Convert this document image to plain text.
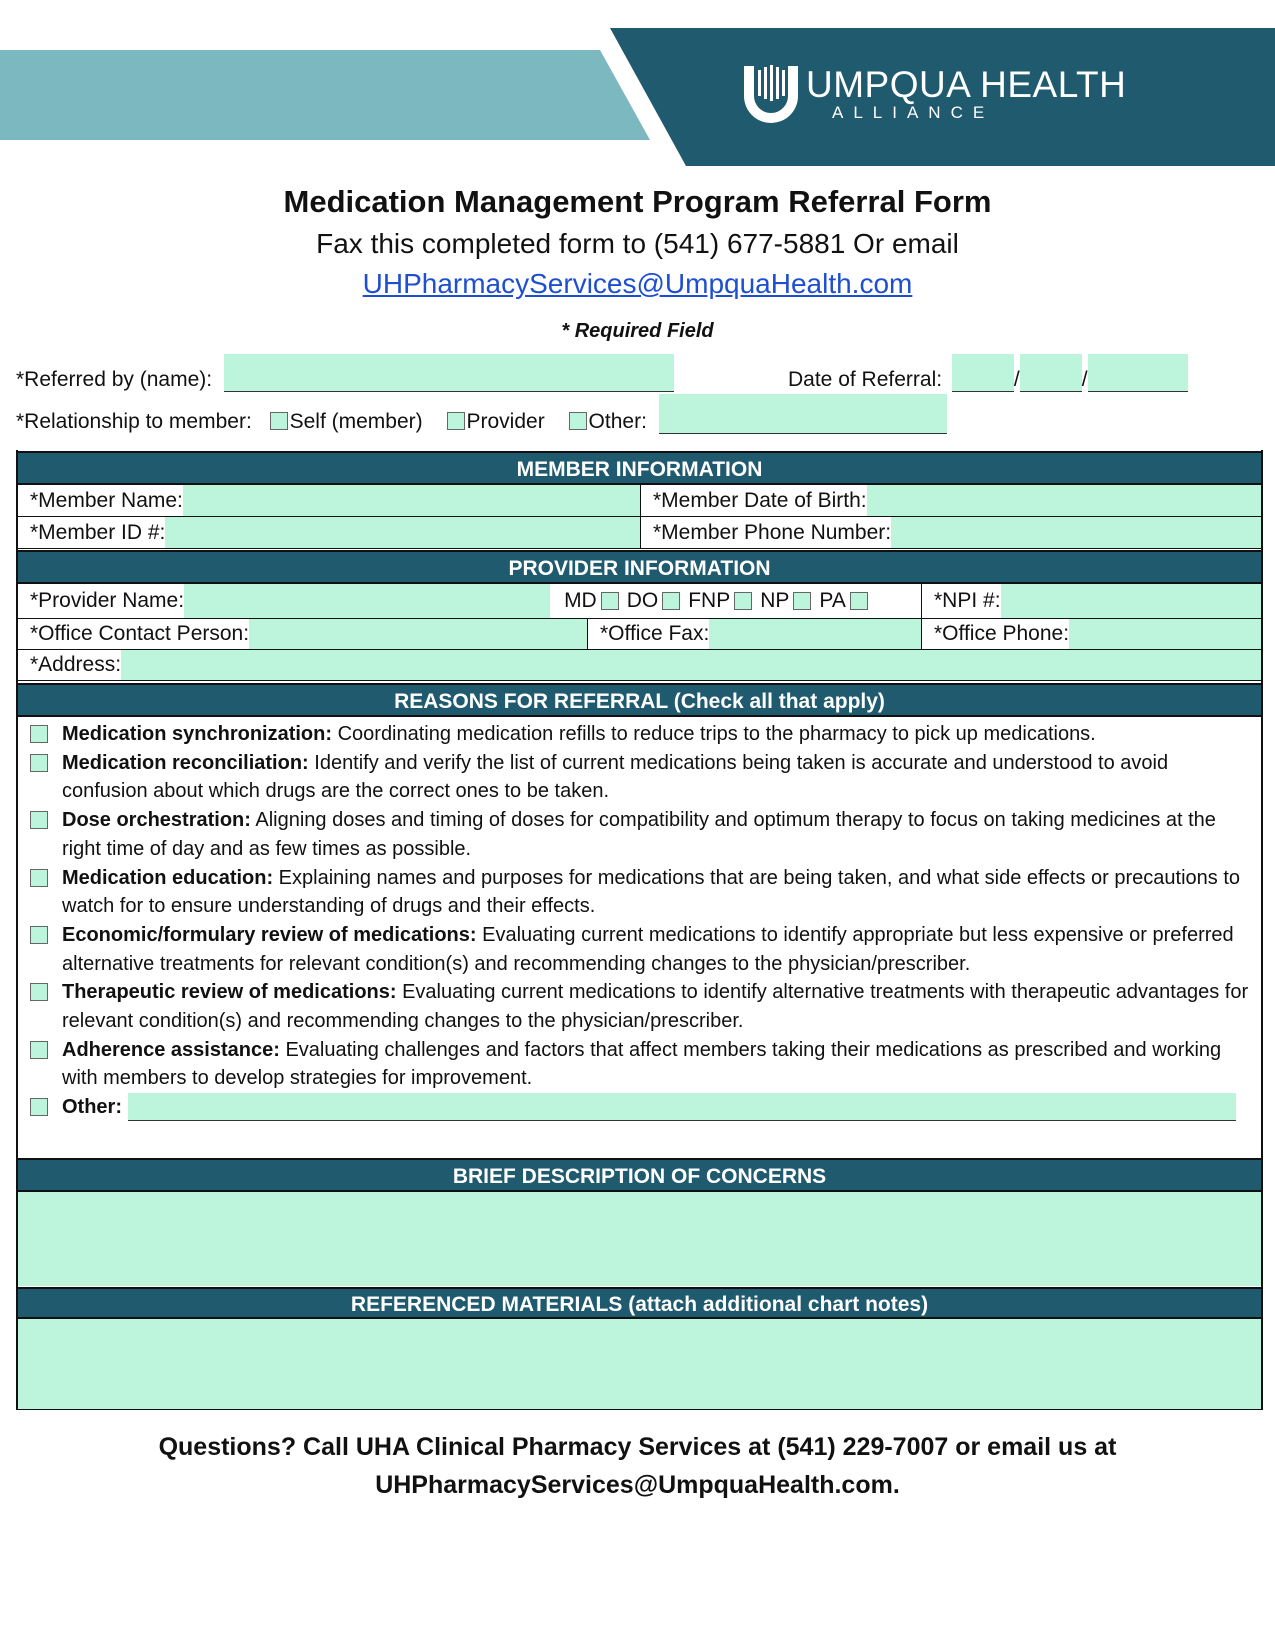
UMPQUA HEALTH
ALLIANCE
Medication Management Program Referral Form
Fax this completed form to (541) 677-5881 Or email
UHPharmacyServices@UmpquaHealth.com
* Required Field
*Referred by (name):	Date of Referral:	/	/
*Relationship to member: Self (member) Provider Other:
MEMBER INFORMATION
*Member Name:	*Member Date of Birth:
*Member ID #:	*Member Phone Number:
PROVIDER INFORMATION
*Provider Name:	MD DO FNP NP PA	*NPI #:
*Office Contact Person:	*Office Fax:	*Office Phone:
*Address:
REASONS FOR REFERRAL (Check all that apply)
Medication synchronization: Coordinating medication refills to reduce trips to the pharmacy to pick up medications.
Medication reconciliation: Identify and verify the list of current medications being taken is accurate and understood to avoid confusion about which drugs are the correct ones to be taken.
Dose orchestration: Aligning doses and timing of doses for compatibility and optimum therapy to focus on taking medicines at the right time of day and as few times as possible.
Medication education: Explaining names and purposes for medications that are being taken, and what side effects or precautions to watch for to ensure understanding of drugs and their effects.
Economic/formulary review of medications: Evaluating current medications to identify appropriate but less expensive or preferred alternative treatments for relevant condition(s) and recommending changes to the physician/prescriber.
Therapeutic review of medications: Evaluating current medications to identify alternative treatments with therapeutic advantages for relevant condition(s) and recommending changes to the physician/prescriber.
Adherence assistance: Evaluating challenges and factors that affect members taking their medications as prescribed and working with members to develop strategies for improvement.
Other:
BRIEF DESCRIPTION OF CONCERNS
REFERENCED MATERIALS (attach additional chart notes)
Questions? Call UHA Clinical Pharmacy Services at (541) 229-7007 or email us at
UHPharmacyServices@UmpquaHealth.com.
